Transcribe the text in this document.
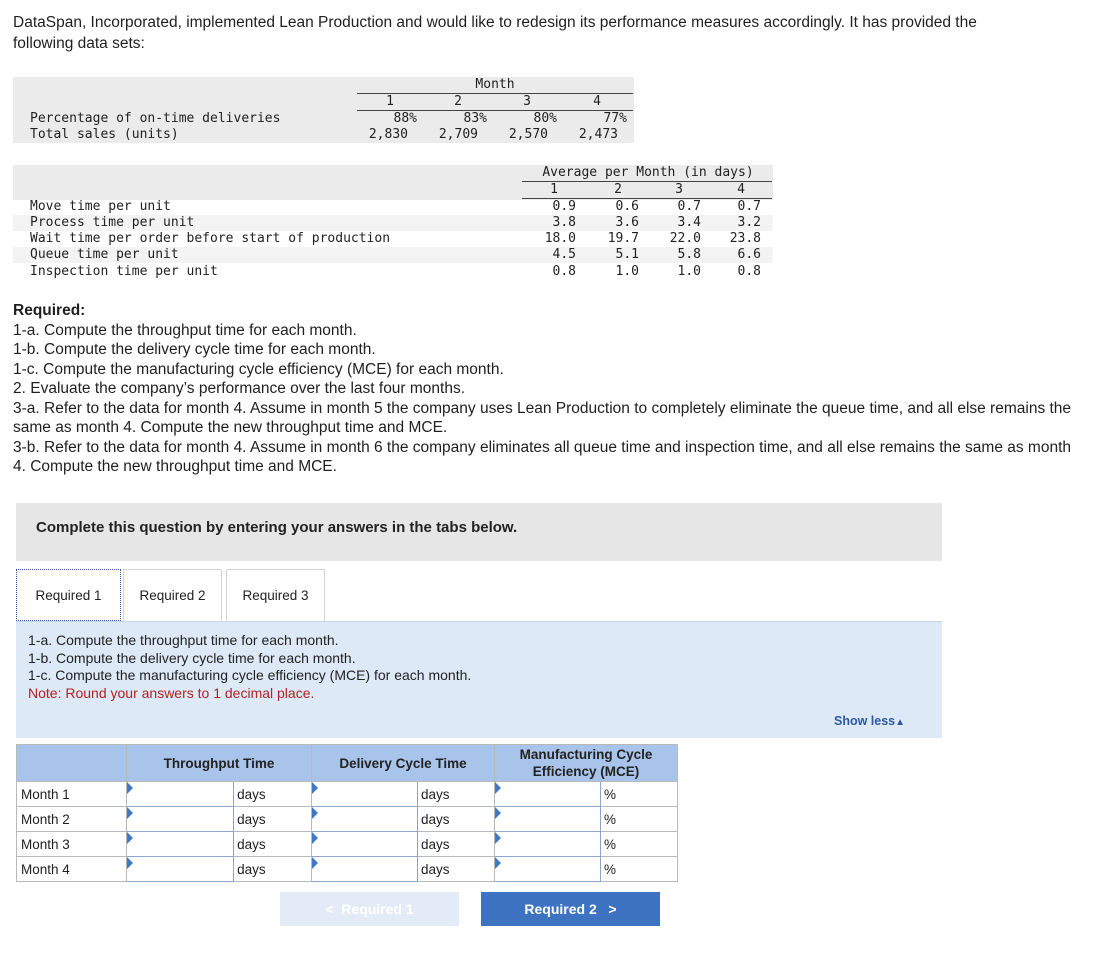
DataSpan, Incorporated, implemented Lean Production and would like to redesign its performance measures accordingly. It has provided the following data sets:
Month
1	2	3	4
Percentage of on-time deliveries	88%	83%	80%	77%
Total sales (units)	2,830	2,709	2,570	2,473
Average per Month (in days)
1	2	3	4
Move time per unit	0.9	0.6	0.7	0.7
Process time per unit	3.8	3.6	3.4	3.2
Wait time per order before start of production	18.0	19.7	22.0	23.8
Queue time per unit	4.5	5.1	5.8	6.6
Inspection time per unit	0.8	1.0	1.0	0.8
Required:
1-a. Compute the throughput time for each month.
1-b. Compute the delivery cycle time for each month.
1-c. Compute the manufacturing cycle efficiency (MCE) for each month.
2. Evaluate the company’s performance over the last four months.
3-a. Refer to the data for month 4. Assume in month 5 the company uses Lean Production to completely eliminate the queue time, and all else remains the same as month 4. Compute the new throughput time and MCE.
3-b. Refer to the data for month 4. Assume in month 6 the company eliminates all queue time and inspection time, and all else remains the same as month 4. Compute the new throughput time and MCE.
Complete this question by entering your answers in the tabs below.
Required 1	Required 2	Required 3
1-a. Compute the throughput time for each month.
1-b. Compute the delivery cycle time for each month.
1-c. Compute the manufacturing cycle efficiency (MCE) for each month.
Note: Round your answers to 1 decimal place.
Show less▲
	Throughput Time		Delivery Cycle Time		Manufacturing Cycle Efficiency (MCE)	
Month 1		days		days		%
Month 2		days		days		%
Month 3		days		days		%
Month 4		days		days		%
<  Required 1	Required 2   >
